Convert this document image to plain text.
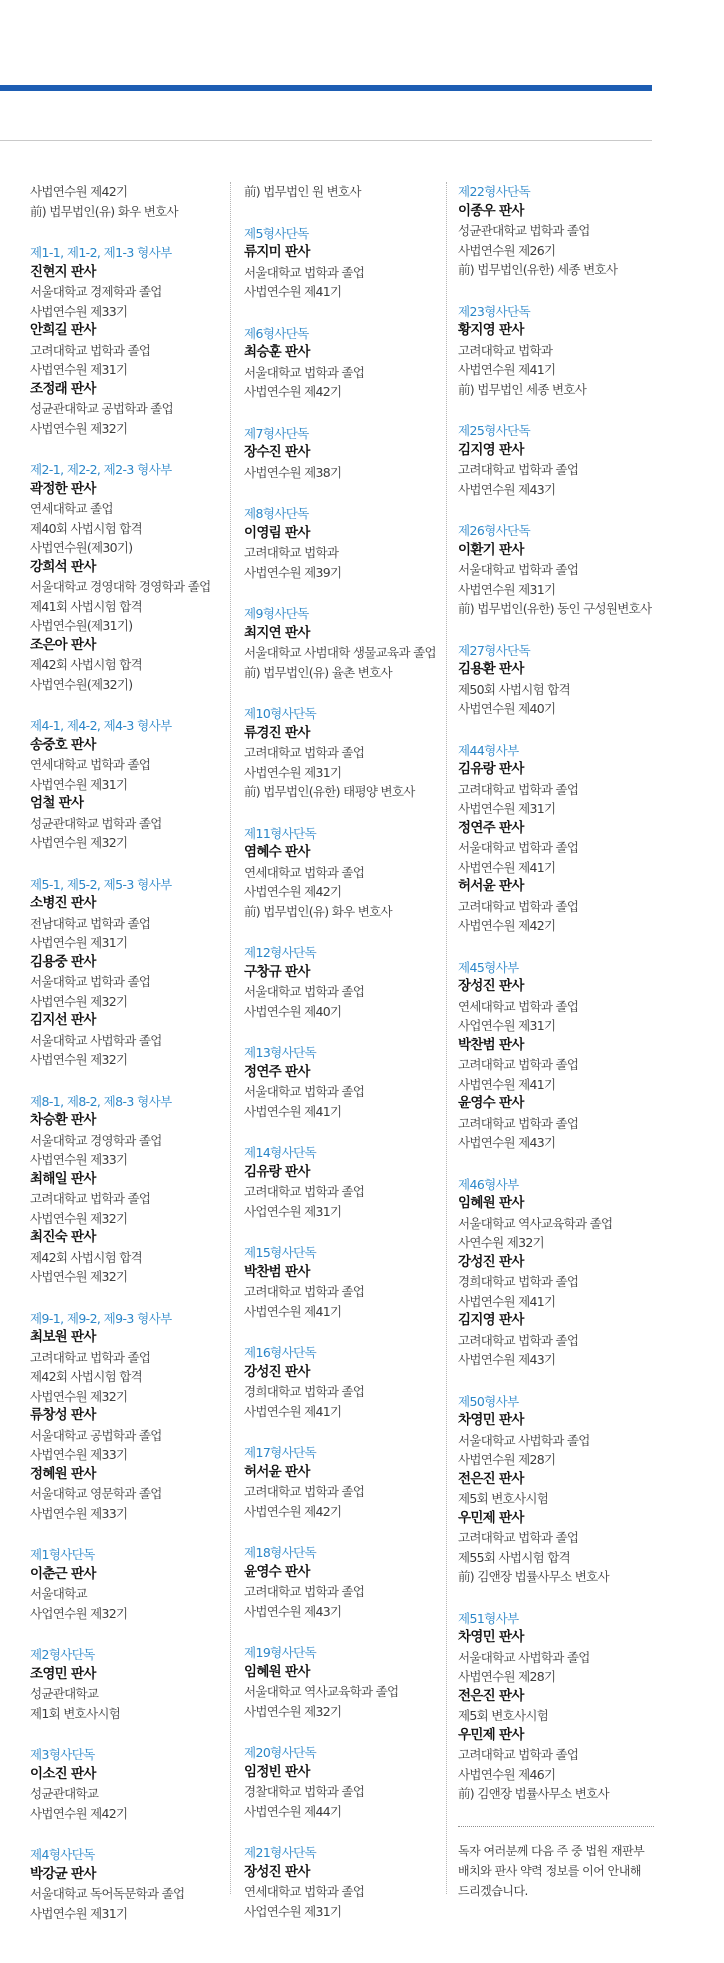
사법연수원 제42기
前) 법무법인(유) 화우 변호사
제1-1, 제1-2, 제1-3 형사부
진현지 판사
서울대학교 경제학과 졸업
사법연수원 제33기
안희길 판사
고려대학교 법학과 졸업
사법연수원 제31기
조정래 판사
성균관대학교 공법학과 졸업
사법연수원 제32기
제2-1, 제2-2, 제2-3 형사부
곽정한 판사
연세대학교 졸업
제40회 사법시험 합격
사법연수원(제30기)
강희석 판사
서울대학교 경영대학 경영학과 졸업
제41회 사법시험 합격
사법연수원(제31기)
조은아 판사
제42회 사법시험 합격
사법연수원(제32기)
제4-1, 제4-2, 제4-3 형사부
송중호 판사
연세대학교 법학과 졸업
사법연수원 제31기
엄철 판사
성균관대학교 법학과 졸업
사법연수원 제32기
제5-1, 제5-2, 제5-3 형사부
소병진 판사
전남대학교 법학과 졸업
사법연수원 제31기
김용중 판사
서울대학교 법학과 졸업
사법연수원 제32기
김지선 판사
서울대학교 사법학과 졸업
사법연수원 제32기
제8-1, 제8-2, 제8-3 형사부
차승환 판사
서울대학교 경영학과 졸업
사법연수원 제33기
최해일 판사
고려대학교 법학과 졸업
사법연수원 제32기
최진숙 판사
제42회 사법시험 합격
사법연수원 제32기
제9-1, 제9-2, 제9-3 형사부
최보원 판사
고려대학교 법학과 졸업
제42회 사법시험 합격
사법연수원 제32기
류창성 판사
서울대학교 공법학과 졸업
사법연수원 제33기
정혜원 판사
서울대학교 영문학과 졸업
사법연수원 제33기
제1형사단독
이춘근 판사
서울대학교
사업연수원 제32기
제2형사단독
조영민 판사
성균관대학교
제1회 변호사시험
제3형사단독
이소진 판사
성균관대학교
사법연수원 제42기
제4형사단독
박강균 판사
서울대학교 독어독문학과 졸업
사법연수원 제31기
前) 법무법인 원 변호사
제5형사단독
류지미 판사
서울대학교 법학과 졸업
사법연수원 제41기
제6형사단독
최승훈 판사
서울대학교 법학과 졸업
사법연수원 제42기
제7형사단독
장수진 판사
사법연수원 제38기
제8형사단독
이영림 판사
고려대학교 법학과
사법연수원 제39기
제9형사단독
최지연 판사
서울대학교 사범대학 생물교육과 졸업
前) 법무법인(유) 율촌 변호사
제10형사단독
류경진 판사
고려대학교 법학과 졸업
사법연수원 제31기
前) 법무법인(유한) 태평양 변호사
제11형사단독
염혜수 판사
연세대학교 법학과 졸업
사법연수원 제42기
前) 법무법인(유) 화우 변호사
제12형사단독
구창규 판사
서울대학교 법학과 졸업
사법연수원 제40기
제13형사단독
정연주 판사
서울대학교 법학과 졸업
사법연수원 제41기
제14형사단독
김유랑 판사
고려대학교 법학과 졸업
사업연수원 제31기
제15형사단독
박찬범 판사
고려대학교 법학과 졸업
사법연수원 제41기
제16형사단독
강성진 판사
경희대학교 법학과 졸업
사법연수원 제41기
제17형사단독
허서윤 판사
고려대학교 법학과 졸업
사법연수원 제42기
제18형사단독
윤영수 판사
고려대학교 법학과 졸업
사법연수원 제43기
제19형사단독
임혜원 판사
서울대학교 역사교육학과 졸업
사법연수원 제32기
제20형사단독
임정빈 판사
경찰대학교 법학과 졸업
사법연수원 제44기
제21형사단독
장성진 판사
연세대학교 법학과 졸업
사업연수원 제31기
제22형사단독
이종우 판사
성균관대학교 법학과 졸업
사법연수원 제26기
前) 법무법인(유한) 세종 변호사
제23형사단독
황지영 판사
고려대학교 법학과
사법연수원 제41기
前) 법무법인 세종 변호사
제25형사단독
김지영 판사
고려대학교 법학과 졸업
사법연수원 제43기
제26형사단독
이환기 판사
서울대학교 법학과 졸업
사법연수원 제31기
前) 법무법인(유한) 동인 구성원변호사
제27형사단독
김용환 판사
제50회 사법시험 합격
사법연수원 제40기
제44형사부
김유랑 판사
고려대학교 법학과 졸업
사법연수원 제31기
정연주 판사
서울대학교 법학과 졸업
사법연수원 제41기
허서윤 판사
고려대학교 법학과 졸업
사법연수원 제42기
제45형사부
장성진 판사
연세대학교 법학과 졸업
사업연수원 제31기
박찬범 판사
고려대학교 법학과 졸업
사법연수원 제41기
윤영수 판사
고려대학교 법학과 졸업
사법연수원 제43기
제46형사부
임혜원 판사
서울대학교 역사교육학과 졸업
사연수원 제32기
강성진 판사
경희대학교 법학과 졸업
사법연수원 제41기
김지영 판사
고려대학교 법학과 졸업
사법연수원 제43기
제50형사부
차영민 판사
서울대학교 사법학과 졸업
사법연수원 제28기
전은진 판사
제5회 변호사시험
우민제 판사
고려대학교 법학과 졸업
제55회 사법시험 합격
前) 김앤장 법률사무소 변호사
제51형사부
차영민 판사
서울대학교 사법학과 졸업
사법연수원 제28기
전은진 판사
제5회 변호사시험
우민제 판사
고려대학교 법학과 졸업
사법연수원 제46기
前) 김앤장 법률사무소 변호사
독자 여러분께 다음 주 중 법원 재판부 배치와 판사 약력 정보를 이어 안내해 드리겠습니다.
